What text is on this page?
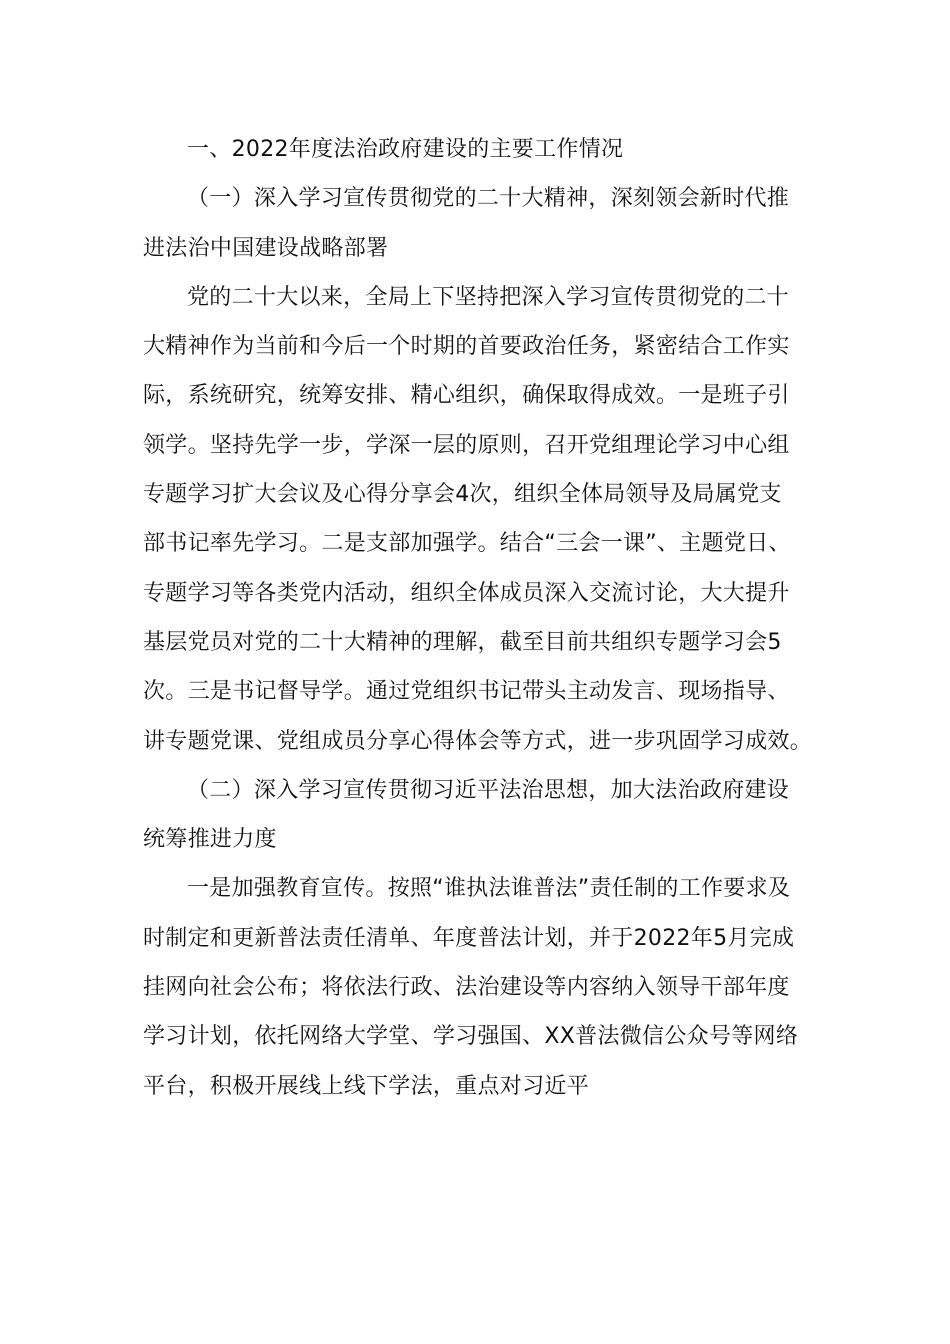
一、2022年度法治政府建设的主要工作情况

（一）深入学习宣传贯彻党的二十大精神，深刻领会新时代推
进法治中国建设战略部署

党的二十大以来，全局上下坚持把深入学习宣传贯彻党的二十
大精神作为当前和今后一个时期的首要政治任务，紧密结合工作实
际，系统研究，统筹安排、精心组织，确保取得成效。一是班子引
领学。坚持先学一步，学深一层的原则，召开党组理论学习中心组
专题学习扩大会议及心得分享会4次，组织全体局领导及局属党支
部书记率先学习。二是支部加强学。结合“三会一课”、主题党日、
专题学习等各类党内活动，组织全体成员深入交流讨论，大大提升
基层党员对党的二十大精神的理解，截至目前共组织专题学习会5
次。三是书记督导学。通过党组织书记带头主动发言、现场指导、
讲专题党课、党组成员分享心得体会等方式，进一步巩固学习成效。

（二）深入学习宣传贯彻习近平法治思想，加大法治政府建设
统筹推进力度

一是加强教育宣传。按照“谁执法谁普法”责任制的工作要求及
时制定和更新普法责任清单、年度普法计划，并于2022年5月完成
挂网向社会公布；将依法行政、法治建设等内容纳入领导干部年度
学习计划，依托网络大学堂、学习强国、XX普法微信公众号等网络
平台，积极开展线上线下学法，重点对习近平
